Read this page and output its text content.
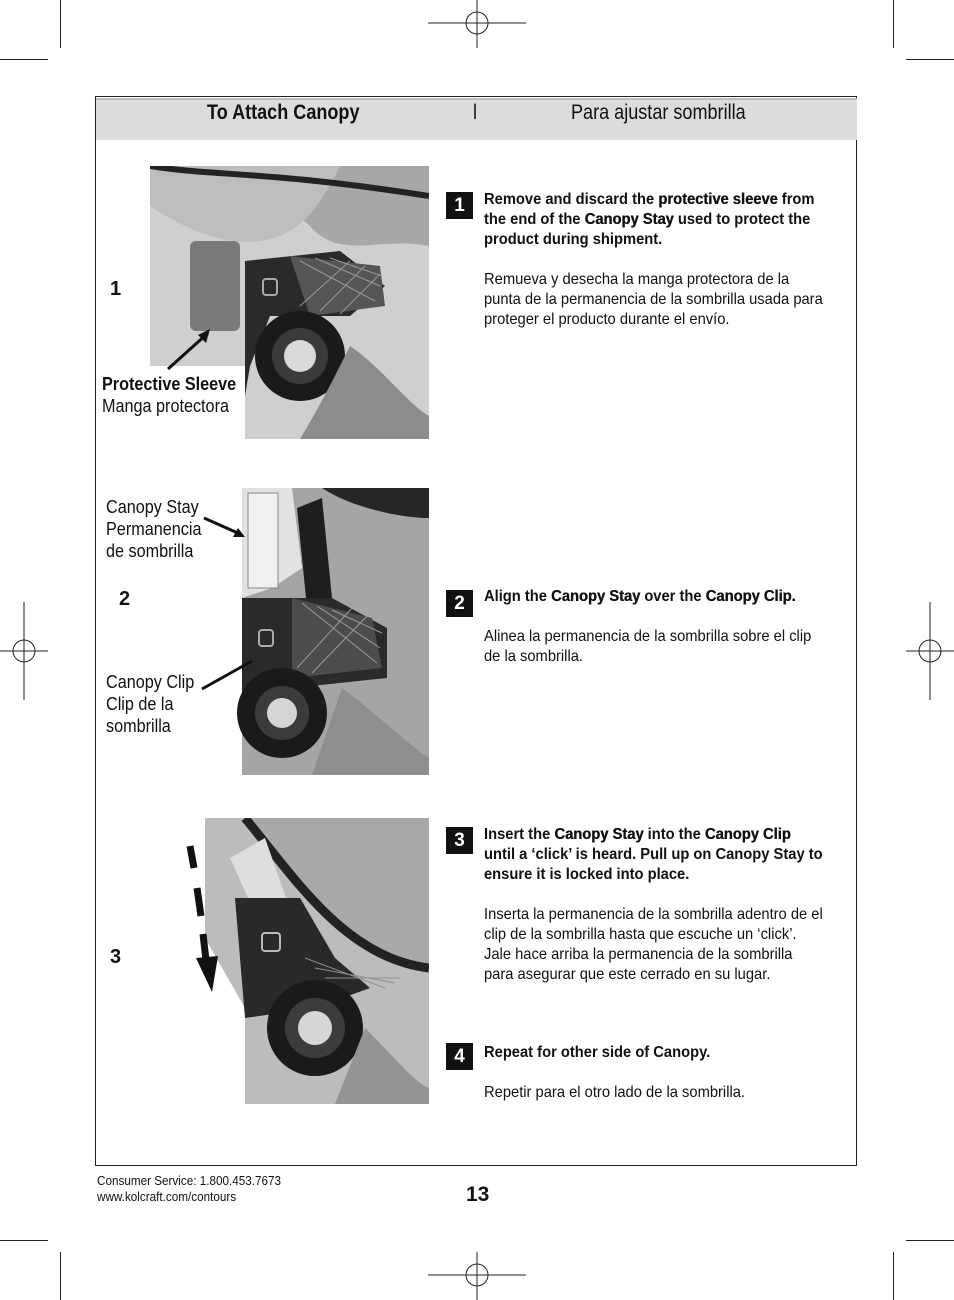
To Attach Canopy	l	Para ajustar sombrilla
1
Protective Sleeve
Manga protectora
2
Canopy Stay
Permanencia
de sombrilla
Canopy Clip
Clip de la
sombrilla
3
1	Remove and discard the protective sleeve from the end of the Canopy Stay used to protect the product during shipment.

Remueva y desecha la manga protectora de la punta de la permanencia de la sombrilla usada para proteger el producto durante el envío.

2	Align the Canopy Stay over the Canopy Clip.

Alinea la permanencia de la sombrilla sobre el clip de la sombrilla.

3	Insert the Canopy Stay into the Canopy Clip until a ‘click’ is heard. Pull up on Canopy Stay to ensure it is locked into place.

Inserta la permanencia de la sombrilla adentro de el clip de la sombrilla hasta que escuche un ‘click’. Jale hace arriba la permanencia de la sombrilla para asegurar que este cerrado en su lugar.

4	Repeat for other side of Canopy.

Repetir para el otro lado de la sombrilla.

Consumer Service: 1.800.453.7673
www.kolcraft.com/contours	13
